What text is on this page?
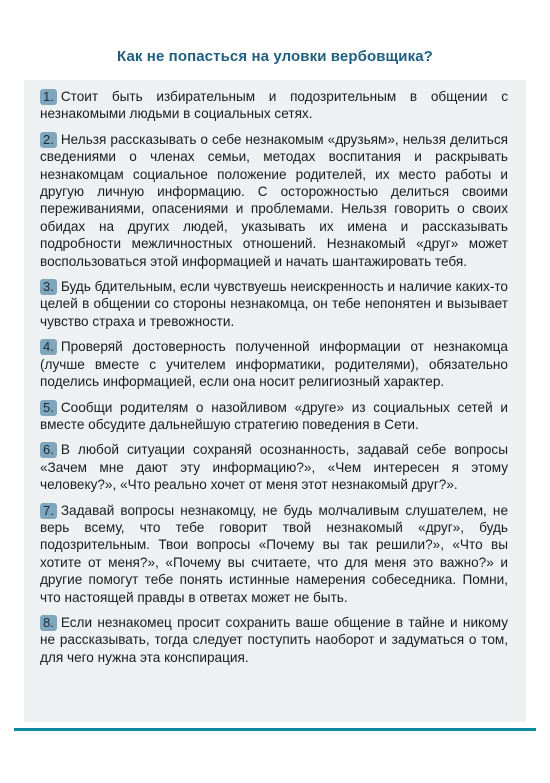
Как не попасться на уловки вербовщика?

1. Стоит быть избирательным и подозрительным в общении с незнакомыми людьми в социальных сетях.

2. Нельзя рассказывать о себе незнакомым «друзьям», нельзя делиться сведениями о членах семьи, методах воспитания и раскрывать незнакомцам социальное положение родителей, их место работы и другую личную информацию. С осторожностью делиться своими переживаниями, опасениями и проблемами. Нельзя говорить о своих обидах на других людей, указывать их имена и рассказывать подробности межличностных отношений. Незнакомый «друг» может воспользоваться этой информацией и начать шантажировать тебя.

3. Будь бдительным, если чувствуешь неискренность и наличие каких-то целей в общении со стороны незнакомца, он тебе непонятен и вызывает чувство страха и тревожности.

4. Проверяй достоверность полученной информации от незнакомца (лучше вместе с учителем информатики, родителями), обязательно поделись информацией, если она носит религиозный характер.

5. Сообщи родителям о назойливом «друге» из социальных сетей и вместе обсудите дальнейшую стратегию поведения в Сети.

6. В любой ситуации сохраняй осознанность, задавай себе вопросы «Зачем мне дают эту информацию?», «Чем интересен я этому человеку?», «Что реально хочет от меня этот незнакомый друг?».

7. Задавай вопросы незнакомцу, не будь молчаливым слушателем, не верь всему, что тебе говорит твой незнакомый «друг», будь подозрительным. Твои вопросы «Почему вы так решили?», «Что вы хотите от меня?», «Почему вы считаете, что для меня это важно?» и другие помогут тебе понять истинные намерения собеседника. Помни, что настоящей правды в ответах может не быть.

8. Если незнакомец просит сохранить ваше общение в тайне и никому не рассказывать, тогда следует поступить наоборот и задуматься о том, для чего нужна эта конспирация.
